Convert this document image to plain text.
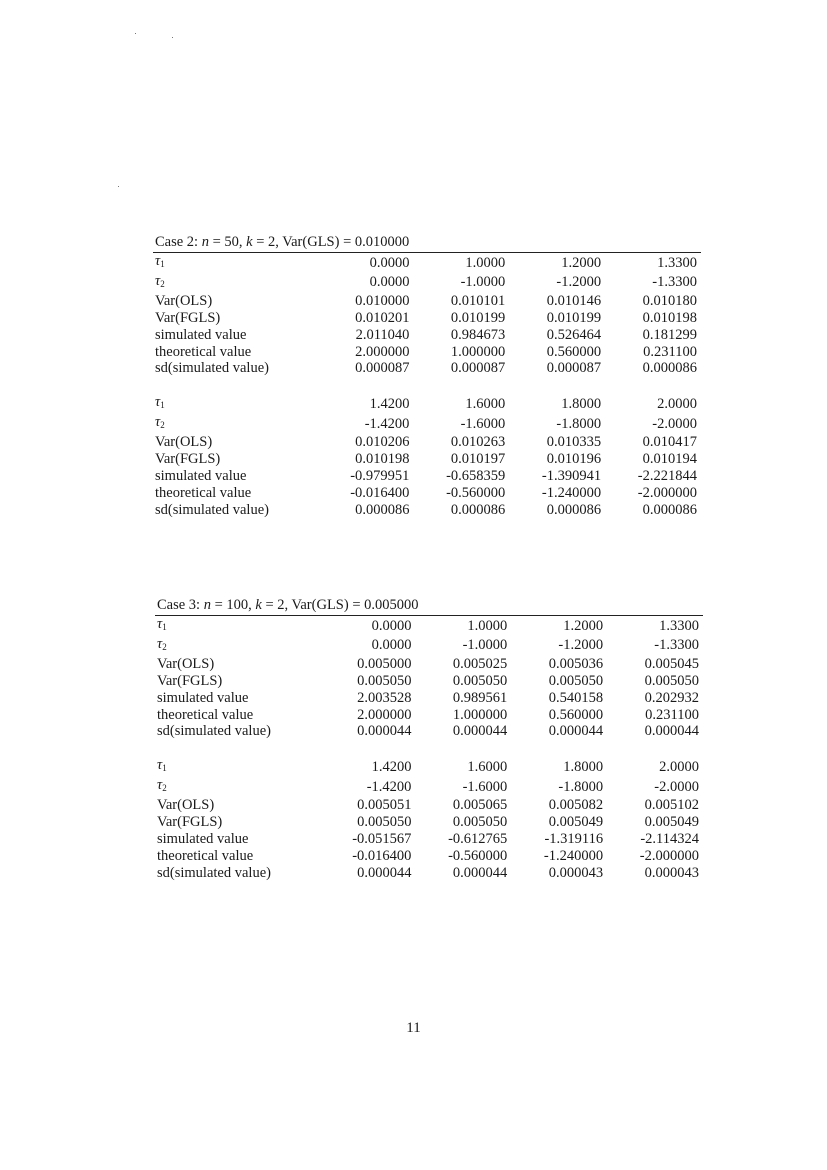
Case 2: n = 50, k = 2, Var(GLS) = 0.010000
$\tau_1$	0.0000	1.0000	1.2000	1.3300
$\tau_2$	0.0000	-1.0000	-1.2000	-1.3300
Var(OLS)	0.010000	0.010101	0.010146	0.010180
Var(FGLS)	0.010201	0.010199	0.010199	0.010198
simulated value	2.011040	0.984673	0.526464	0.181299
theoretical value	2.000000	1.000000	0.560000	0.231100
sd(simulated value)	0.000087	0.000087	0.000087	0.000086

$\tau_1$	1.4200	1.6000	1.8000	2.0000
$\tau_2$	-1.4200	-1.6000	-1.8000	-2.0000
Var(OLS)	0.010206	0.010263	0.010335	0.010417
Var(FGLS)	0.010198	0.010197	0.010196	0.010194
simulated value	-0.979951	-0.658359	-1.390941	-2.221844
theoretical value	-0.016400	-0.560000	-1.240000	-2.000000
sd(simulated value)	0.000086	0.000086	0.000086	0.000086
Case 3: n = 100, k = 2, Var(GLS) = 0.005000
$\tau_1$	0.0000	1.0000	1.2000	1.3300
$\tau_2$	0.0000	-1.0000	-1.2000	-1.3300
Var(OLS)	0.005000	0.005025	0.005036	0.005045
Var(FGLS)	0.005050	0.005050	0.005050	0.005050
simulated value	2.003528	0.989561	0.540158	0.202932
theoretical value	2.000000	1.000000	0.560000	0.231100
sd(simulated value)	0.000044	0.000044	0.000044	0.000044

$\tau_1$	1.4200	1.6000	1.8000	2.0000
$\tau_2$	-1.4200	-1.6000	-1.8000	-2.0000
Var(OLS)	0.005051	0.005065	0.005082	0.005102
Var(FGLS)	0.005050	0.005050	0.005049	0.005049
simulated value	-0.051567	-0.612765	-1.319116	-2.114324
theoretical value	-0.016400	-0.560000	-1.240000	-2.000000
sd(simulated value)	0.000044	0.000044	0.000043	0.000043
11
